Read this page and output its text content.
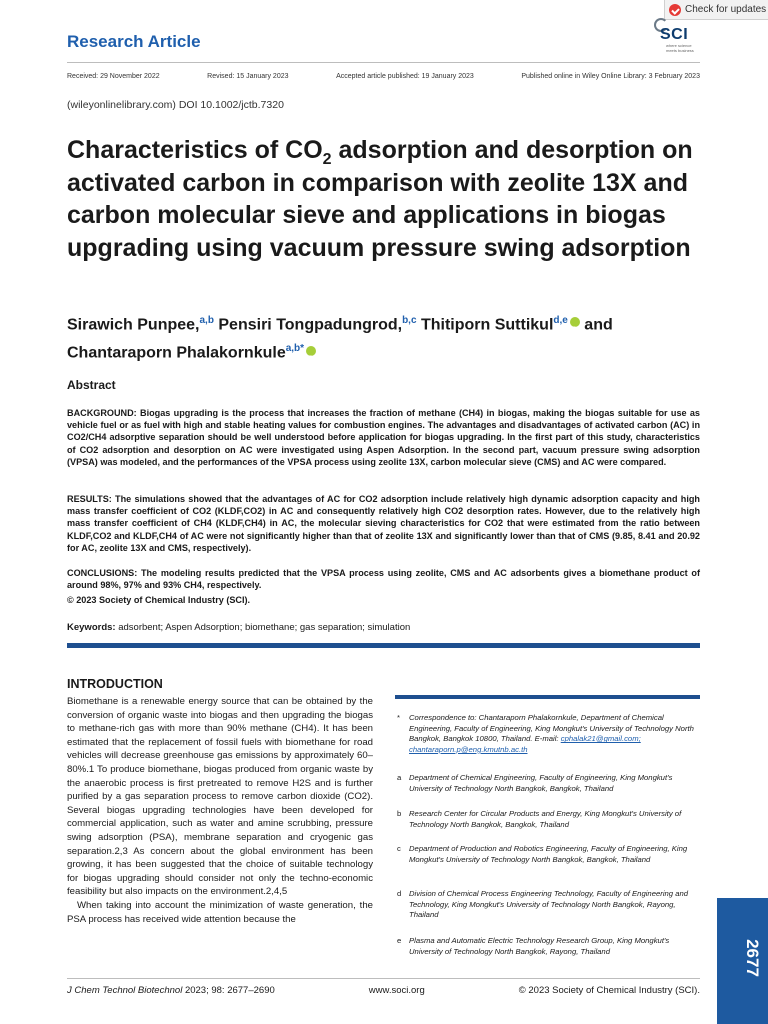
Check for updates
SCI
where science
meets business
Research Article
Received: 29 November 2022	Revised: 15 January 2023	Accepted article published: 19 January 2023	Published online in Wiley Online Library: 3 February 2023
(wileyonlinelibrary.com) DOI 10.1002/jctb.7320
Characteristics of $CO_2$ adsorption and desorption on activated carbon in comparison with zeolite 13X and carbon molecular sieve and applications in biogas upgrading using vacuum pressure swing adsorption
Sirawich Punpee,$^{a,b}$ Pensiri Tongpadungrod,$^{b,c}$ Thitiporn Suttikul$^{d,e}$iD and
Chantaraporn Phalakornkule$^{a,b*}$iD
Abstract
BACKGROUND: Biogas upgrading is the process that increases the fraction of methane (CH4) in biogas, making the biogas suitable for use as vehicle fuel or as fuel with high and stable heating values for combustion engines. The advantages and disadvantages of activated carbon (AC) in CO2/CH4 adsorptive separation should be well understood before application for biogas upgrading. In the first part of this study, characteristics of CO2 adsorption and desorption on AC were investigated using Aspen Adsorption. In the second part, vacuum pressure swing adsorption (VPSA) was modeled, and the performances of the VPSA process using zeolite 13X, carbon molecular sieve (CMS) and AC were compared.
RESULTS: The simulations showed that the advantages of AC for CO2 adsorption include relatively high dynamic adsorption capacity and high mass transfer coefficient of CO2 (KLDF,CO2) in AC and consequently relatively high CO2 desorption rates. However, due to the relatively high mass transfer coefficient of CH4 (KLDF,CH4) in AC, the molecular sieving characteristics for CO2 that were estimated from the ratio between KLDF,CO2 and KLDF,CH4 of AC were not significantly higher than that of zeolite 13X and significantly lower than that of CMS (9.85, 8.41 and 20.92 for AC, zeolite 13X and CMS, respectively).
CONCLUSIONS: The modeling results predicted that the VPSA process using zeolite, CMS and AC adsorbents gives a biomethane product of around 98%, 97% and 93% CH4, respectively.
© 2023 Society of Chemical Industry (SCI).
Keywords: adsorbent; Aspen Adsorption; biomethane; gas separation; simulation
INTRODUCTION

Biomethane is a renewable energy source that can be obtained by the conversion of organic waste into biogas and then upgrading the biogas to methane-rich gas with more than 90% methane (CH4). It has been estimated that the replacement of fossil fuels with biomethane for road vehicles will decrease greenhouse gas emissions by approximately 60–80%.1 To produce biomethane, biogas produced from organic waste by the anaerobic process is first pretreated to remove H2S and is further purified by a gas separation process to remove carbon dioxide (CO2). Several biogas upgrading technologies have been developed for commercial application, such as water and amine scrubbing, pressure swing adsorption (PSA), membrane separation and cryogenic gas separation.2,3 As concern about the global environment has been growing, it has been suggested that the choice of suitable technology for biogas upgrading should consider not only the techno-economic feasibility but also impacts on the environment.2,4,5

When taking into account the minimization of waste generation, the PSA process has received wide attention because the

*	Correspondence to: Chantaraporn Phalakornkule, Department of Chemical Engineering, Faculty of Engineering, King Mongkut's University of Technology North Bangkok, Bangkok 10800, Thailand. E-mail: cphalak21@gmail.com; chantaraporn.p@eng.kmutnb.ac.th
a	Department of Chemical Engineering, Faculty of Engineering, King Mongkut's University of Technology North Bangkok, Bangkok, Thailand
b	Research Center for Circular Products and Energy, King Mongkut's University of Technology North Bangkok, Bangkok, Thailand
c	Department of Production and Robotics Engineering, Faculty of Engineering, King Mongkut's University of Technology North Bangkok, Bangkok, Thailand
d	Division of Chemical Process Engineering Technology, Faculty of Engineering and Technology, King Mongkut's University of Technology North Bangkok, Rayong, Thailand
e	Plasma and Automatic Electric Technology Research Group, King Mongkut's University of Technology North Bangkok, Rayong, Thailand	2677
J Chem Technol Biotechnol 2023; 98: 2677–2690	www.soci.org	© 2023 Society of Chemical Industry (SCI).
